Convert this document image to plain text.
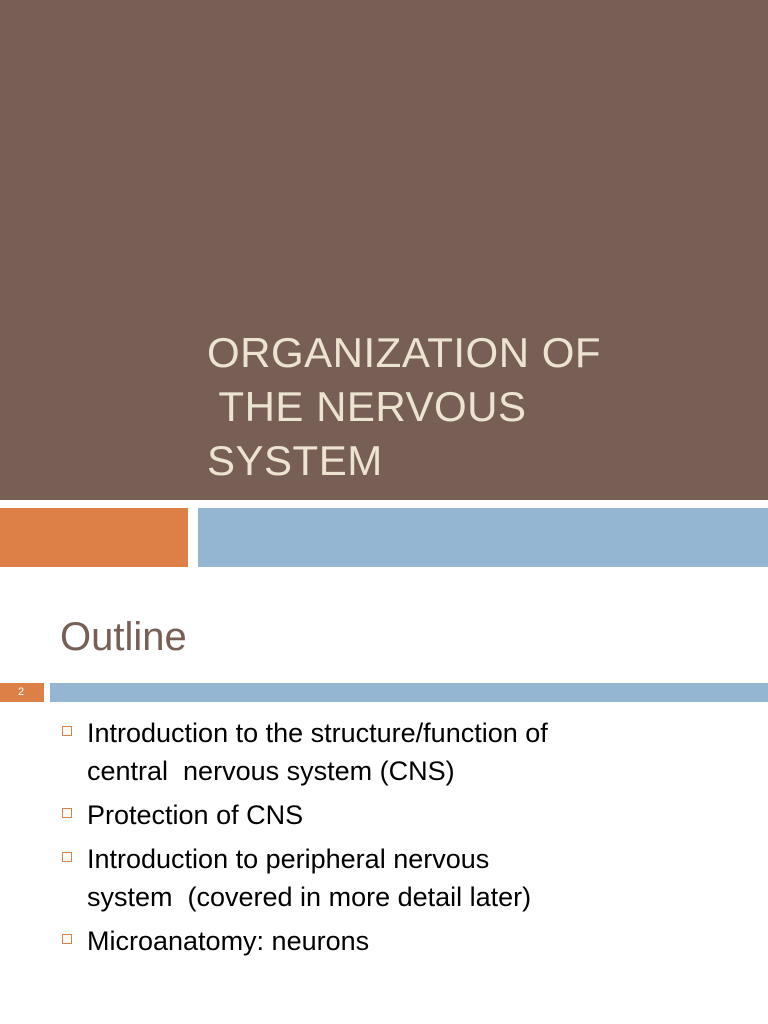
ORGANIZATION OF
THE NERVOUS
SYSTEM
Outline
2
Introduction to the structure/function of
central  nervous system (CNS)
Protection of CNS
Introduction to peripheral nervous
system  (covered in more detail later)
Microanatomy: neurons
